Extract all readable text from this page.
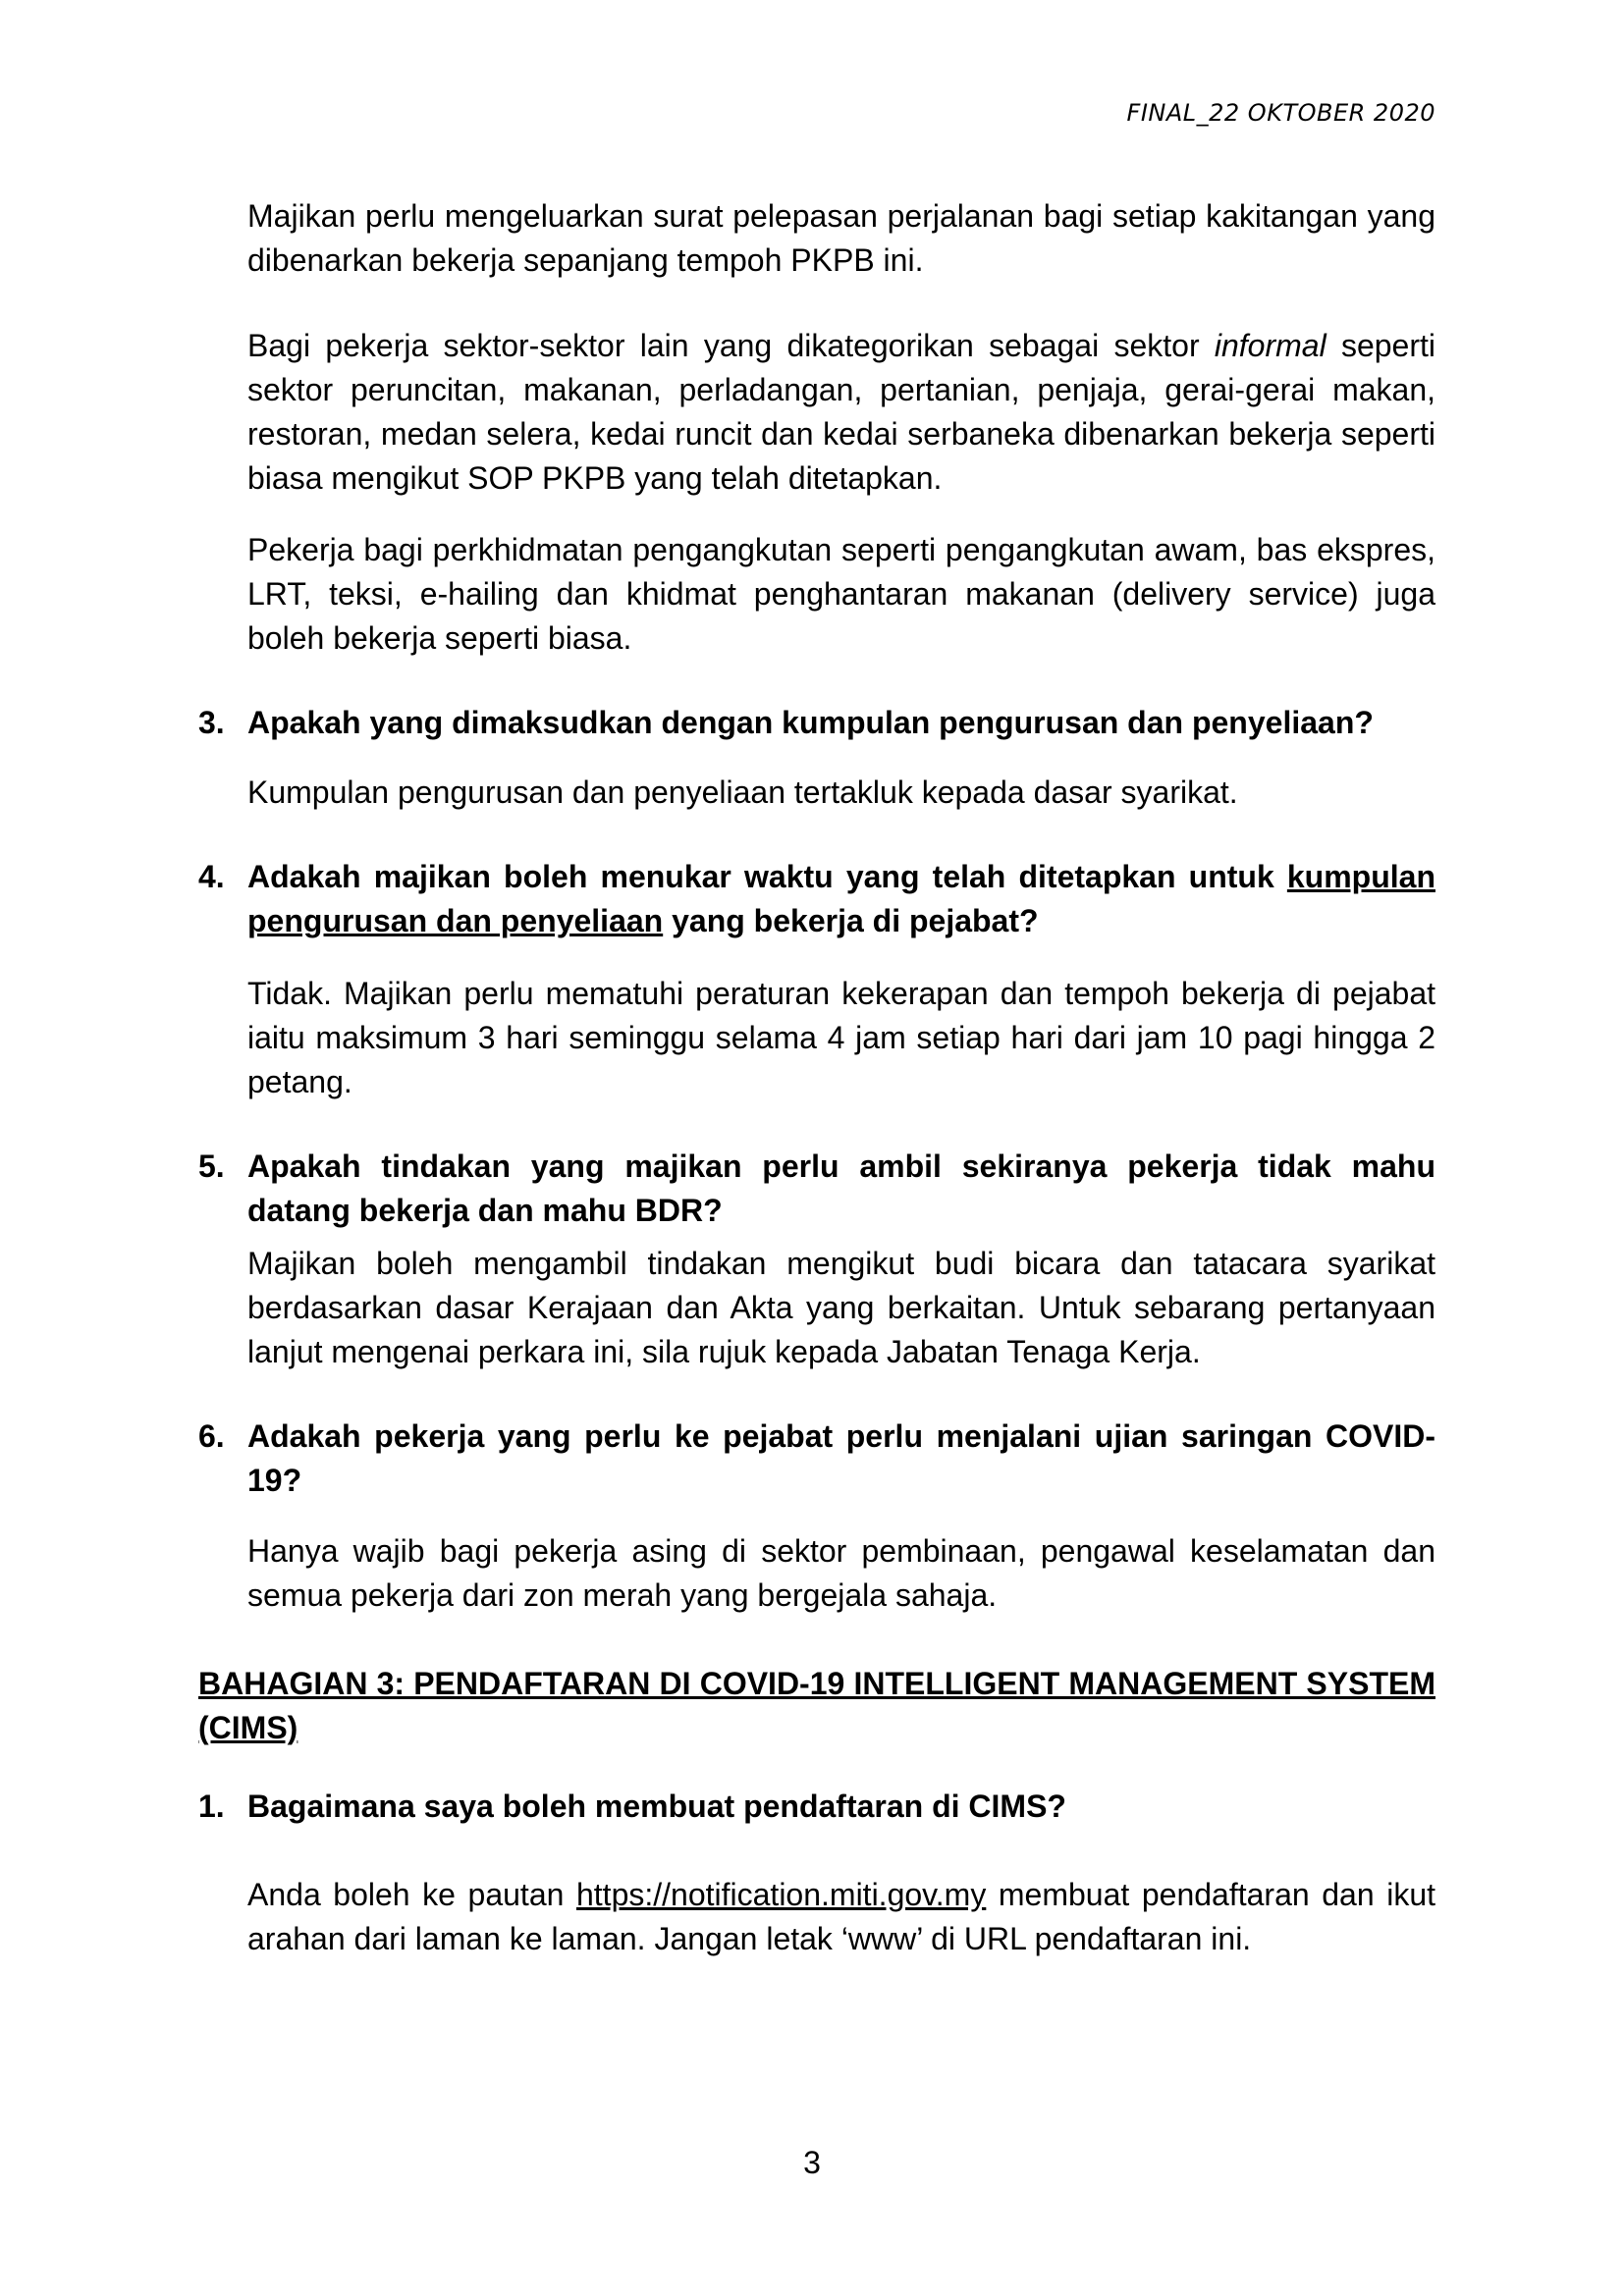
FINAL_22 OKTOBER 2020

Majikan perlu mengeluarkan surat pelepasan perjalanan bagi setiap kakitangan yang dibenarkan bekerja sepanjang tempoh PKPB ini.

Bagi pekerja sektor-sektor lain yang dikategorikan sebagai sektor informal seperti sektor peruncitan, makanan, perladangan, pertanian, penjaja, gerai-gerai makan, restoran, medan selera, kedai runcit dan kedai serbaneka dibenarkan bekerja seperti biasa mengikut SOP PKPB yang telah ditetapkan.

Pekerja bagi perkhidmatan pengangkutan seperti pengangkutan awam, bas ekspres, LRT, teksi, e-hailing dan khidmat penghantaran makanan (delivery service) juga boleh bekerja seperti biasa.

3. Apakah yang dimaksudkan dengan kumpulan pengurusan dan penyeliaan?

Kumpulan pengurusan dan penyeliaan tertakluk kepada dasar syarikat.

4. Adakah majikan boleh menukar waktu yang telah ditetapkan untuk kumpulan pengurusan dan penyeliaan yang bekerja di pejabat?

Tidak. Majikan perlu mematuhi peraturan kekerapan dan tempoh bekerja di pejabat iaitu maksimum 3 hari seminggu selama 4 jam setiap hari dari jam 10 pagi hingga 2 petang.

5. Apakah tindakan yang majikan perlu ambil sekiranya pekerja tidak mahu datang bekerja dan mahu BDR?

Majikan boleh mengambil tindakan mengikut budi bicara dan tatacara syarikat berdasarkan dasar Kerajaan dan Akta yang berkaitan. Untuk sebarang pertanyaan lanjut mengenai perkara ini, sila rujuk kepada Jabatan Tenaga Kerja.

6. Adakah pekerja yang perlu ke pejabat perlu menjalani ujian saringan COVID-19?

Hanya wajib bagi pekerja asing di sektor pembinaan, pengawal keselamatan dan semua pekerja dari zon merah yang bergejala sahaja.

BAHAGIAN 3: PENDAFTARAN DI COVID-19 INTELLIGENT MANAGEMENT SYSTEM (CIMS)
1. Bagaimana saya boleh membuat pendaftaran di CIMS?

Anda boleh ke pautan https://notification.miti.gov.my membuat pendaftaran dan ikut arahan dari laman ke laman. Jangan letak ‘www’ di URL pendaftaran ini.

3
